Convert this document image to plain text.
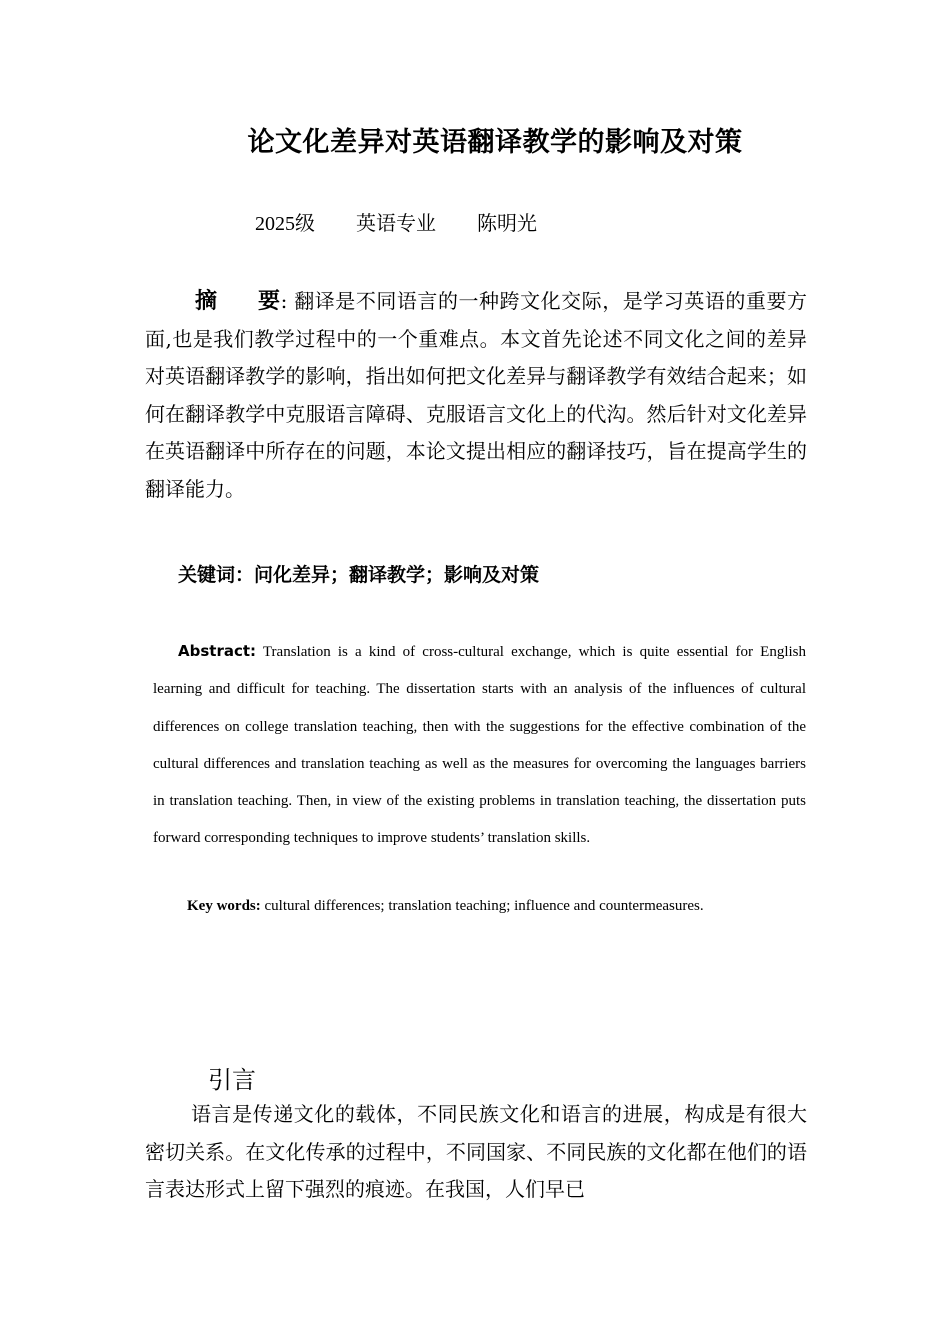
论文化差异对英语翻译教学的影响及对策
2025级 英语专业 陈明光
摘 要: 翻译是不同语言的一种跨文化交际，是学习英语的重要方面,也是我们教学过程中的一个重难点。本文首先论述不同文化之间的差异对英语翻译教学的影响，指出如何把文化差异与翻译教学有效结合起来；如何在翻译教学中克服语言障碍、克服语言文化上的代沟。然后针对文化差异在英语翻译中所存在的问题，本论文提出相应的翻译技巧，旨在提高学生的翻译能力。
关键词：问化差异；翻译教学；影响及对策
Abstract: Translation is a kind of cross-cultural exchange, which is quite essential for English learning and difficult for teaching. The dissertation starts with an analysis of the influences of cultural differences on college translation teaching, then with the suggestions for the effective combination of the cultural differences and translation teaching as well as the measures for overcoming the languages barriers in translation teaching. Then, in view of the existing problems in translation teaching, the dissertation puts forward corresponding techniques to improve students’ translation skills.
Key words: cultural differences; translation teaching; influence and countermeasures.
引言
语言是传递文化的载体，不同民族文化和语言的进展，构成是有很大密切关系。在文化传承的过程中，不同国家、不同民族的文化都在他们的语言表达形式上留下强烈的痕迹。在我国，人们早已
